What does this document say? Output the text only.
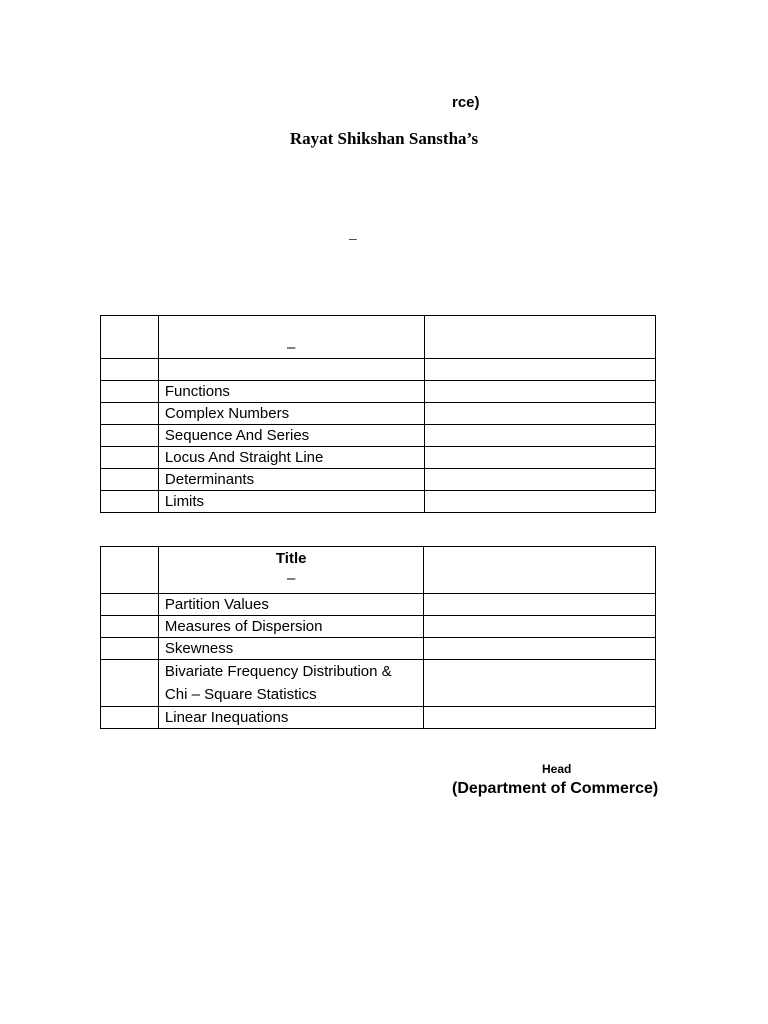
rce)
Rayat Shikshan Sanstha’s
–
	–	

	Functions	
	Complex Numbers	
	Sequence And Series	
	Locus And Straight Line	
	Determinants	
	Limits	

	Title
–	

	Partition Values	
	Measures of Dispersion	
	Skewness	
	Bivariate Frequency Distribution & Chi – Square Statistics	
	Linear Inequations	
Head
(Department of Commerce)
